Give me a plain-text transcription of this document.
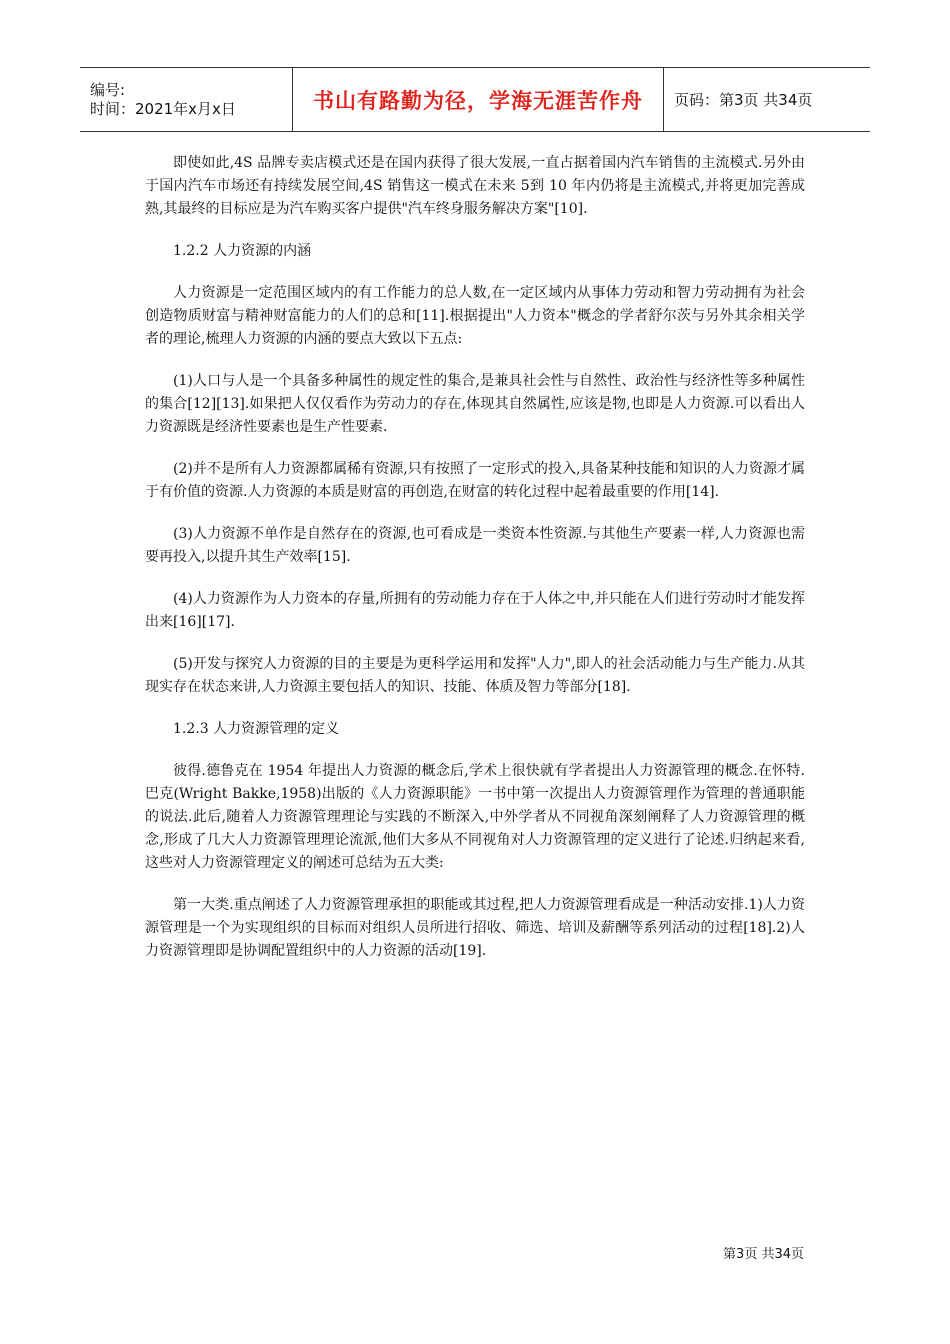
编号:
时间：2021年x月x日	书山有路勤为径，学海无涯苦作舟	页码：第3页 共34页

即使如此,4S 品牌专卖店模式还是在国内获得了很大发展,一直占据着国内汽车销售的主流模式.另外由于国内汽车市场还有持续发展空间,4S 销售这一模式在未来 5到 10 年内仍将是主流模式,并将更加完善成熟,其最终的目标应是为汽车购买客户提供"汽车终身服务解决方案"[10].

1.2.2 人力资源的内涵

人力资源是一定范围区域内的有工作能力的总人数,在一定区域内从事体力劳动和智力劳动拥有为社会创造物质财富与精神财富能力的人们的总和[11].根据提出"人力资本"概念的学者舒尔茨与另外其余相关学者的理论,梳理人力资源的内涵的要点大致以下五点:

(1)人口与人是一个具备多种属性的规定性的集合,是兼具社会性与自然性、政治性与经济性等多种属性的集合[12][13].如果把人仅仅看作为劳动力的存在,体现其自然属性,应该是物,也即是人力资源.可以看出人力资源既是经济性要素也是生产性要素.

(2)并不是所有人力资源都属稀有资源,只有按照了一定形式的投入,具备某种技能和知识的人力资源才属于有价值的资源.人力资源的本质是财富的再创造,在财富的转化过程中起着最重要的作用[14].

(3)人力资源不单作是自然存在的资源,也可看成是一类资本性资源.与其他生产要素一样,人力资源也需要再投入,以提升其生产效率[15].

(4)人力资源作为人力资本的存量,所拥有的劳动能力存在于人体之中,并只能在人们进行劳动时才能发挥出来[16][17].

(5)开发与探究人力资源的目的主要是为更科学运用和发挥"人力",即人的社会活动能力与生产能力.从其现实存在状态来讲,人力资源主要包括人的知识、技能、体质及智力等部分[18].

1.2.3 人力资源管理的定义

彼得.德鲁克在 1954 年提出人力资源的概念后,学术上很快就有学者提出人力资源管理的概念.在怀特.巴克(Wright Bakke,1958)出版的《人力资源职能》一书中第一次提出人力资源管理作为管理的普通职能的说法.此后,随着人力资源管理理论与实践的不断深入,中外学者从不同视角深刻阐释了人力资源管理的概念,形成了几大人力资源管理理论流派,他们大多从不同视角对人力资源管理的定义进行了论述.归纳起来看,这些对人力资源管理定义的阐述可总结为五大类:

第一大类.重点阐述了人力资源管理承担的职能或其过程,把人力资源管理看成是一种活动安排.1)人力资源管理是一个为实现组织的目标而对组织人员所进行招收、筛选、培训及薪酬等系列活动的过程[18].2)人力资源管理即是协调配置组织中的人力资源的活动[19].

第3页 共34页
